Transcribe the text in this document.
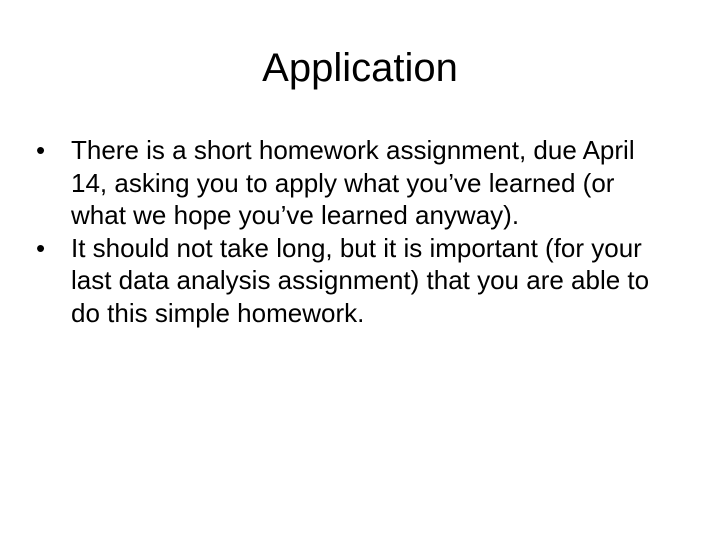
Application
• There is a short homework assignment, due April 14, asking you to apply what you’ve learned (or what we hope you’ve learned anyway).
• It should not take long, but it is important (for your last data analysis assignment) that you are able to do this simple homework.
